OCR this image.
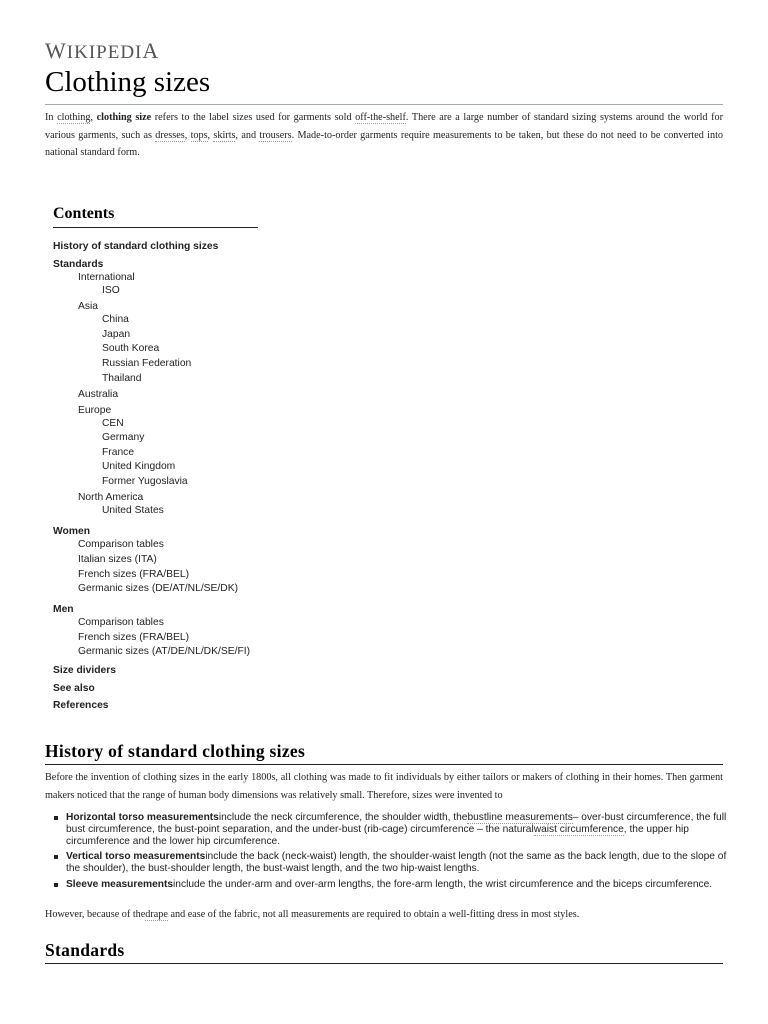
WIKIPEDIA
Clothing sizes

In clothing, clothing size refers to the label sizes used for garments sold off-the-shelf. There are a large number of standard sizing systems around the world for various garments, such as dresses, tops, skirts, and trousers. Made-to-order garments require measurements to be taken, but these do not need to be converted into national standard form.

Contents
History of standard clothing sizes
Standards
International
ISO
Asia
China
Japan
South Korea
Russian Federation
Thailand
Australia
Europe
CEN
Germany
France
United Kingdom
Former Yugoslavia
North America
United States
Women
Comparison tables
Italian sizes (ITA)
French sizes (FRA/BEL)
Germanic sizes (DE/AT/NL/SE/DK)
Men
Comparison tables
French sizes (FRA/BEL)
Germanic sizes (AT/DE/NL/DK/SE/FI)
Size dividers
See also
References
History of standard clothing sizes

Before the invention of clothing sizes in the early 1800s, all clothing was made to fit individuals by either tailors or makers of clothing in their homes. Then garment makers noticed that the range of human body dimensions was relatively small. Therefore, sizes were invented to

Horizontal torso measurementsinclude the neck circumference, the shoulder width, thebustline measurements– over-bust circumference, the full bust circumference, the bust-point separation, and the under-bust (rib-cage) circumference – the naturalwaist circumference, the upper hip circumference and the lower hip circumference.
Vertical torso measurementsinclude the back (neck-waist) length, the shoulder-waist length (not the same as the back length, due to the slope of the shoulder), the bust-shoulder length, the bust-waist length, and the two hip-waist lengths.
Sleeve measurementsinclude the under-arm and over-arm lengths, the fore-arm length, the wrist circumference and the biceps circumference.

However, because of thedrape and ease of the fabric, not all measurements are required to obtain a well-fitting dress in most styles.

Standards
